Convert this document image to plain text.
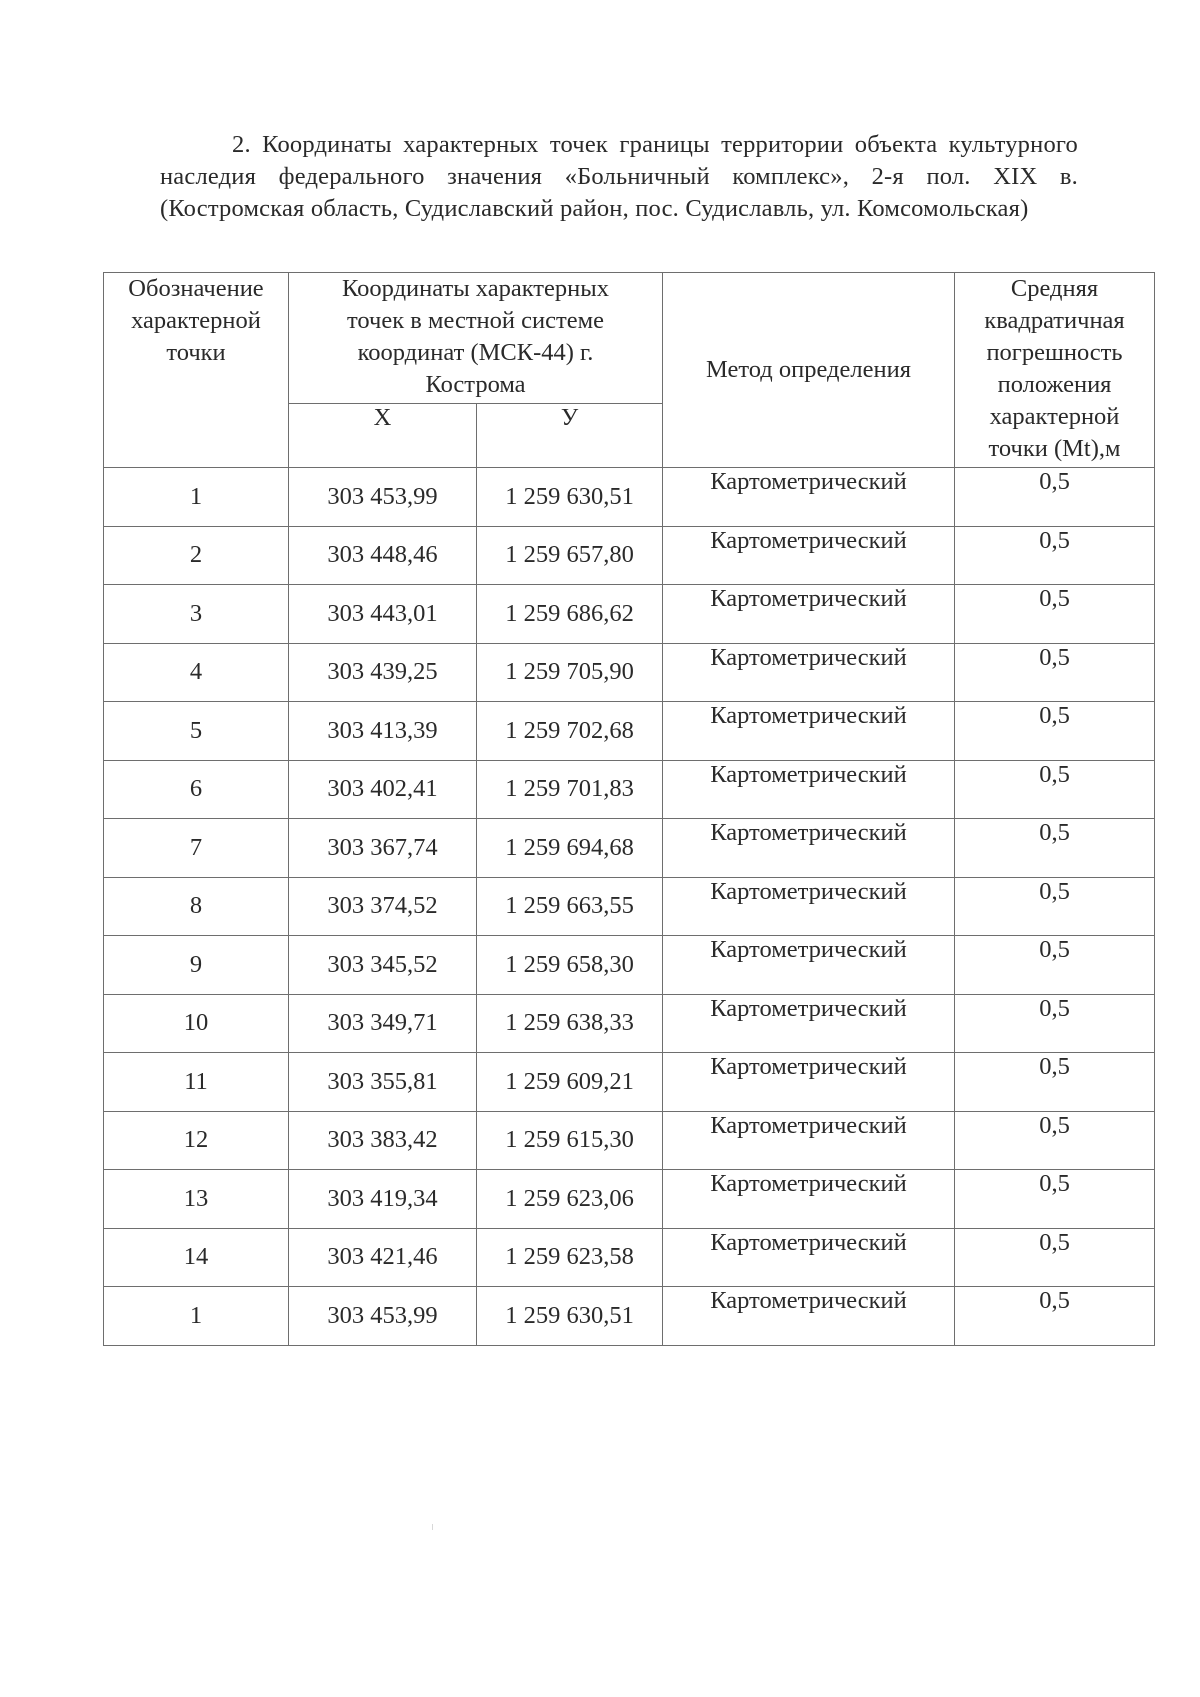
2. Координаты характерных точек границы территории объекта культурного наследия федерального значения «Больничный комплекс», 2-я пол. XIX в. (Костромская область, Судиславский район, пос. Судиславль, ул. Комсомольская)

Обозначение характерной точки	Координаты характерных точек в местной системе координат (МСК-44) г. Кострома		Метод определения	Средняя квадратичная погрешность положения характерной точки (Mt),м

	X	У		
1	303 453,99	1 259 630,51	Картометрический	0,5
2	303 448,46	1 259 657,80	Картометрический	0,5
3	303 443,01	1 259 686,62	Картометрический	0,5
4	303 439,25	1 259 705,90	Картометрический	0,5
5	303 413,39	1 259 702,68	Картометрический	0,5
6	303 402,41	1 259 701,83	Картометрический	0,5
7	303 367,74	1 259 694,68	Картометрический	0,5
8	303 374,52	1 259 663,55	Картометрический	0,5
9	303 345,52	1 259 658,30	Картометрический	0,5
10	303 349,71	1 259 638,33	Картометрический	0,5
11	303 355,81	1 259 609,21	Картометрический	0,5
12	303 383,42	1 259 615,30	Картометрический	0,5
13	303 419,34	1 259 623,06	Картометрический	0,5
14	303 421,46	1 259 623,58	Картометрический	0,5
1	303 453,99	1 259 630,51	Картометрический	0,5
